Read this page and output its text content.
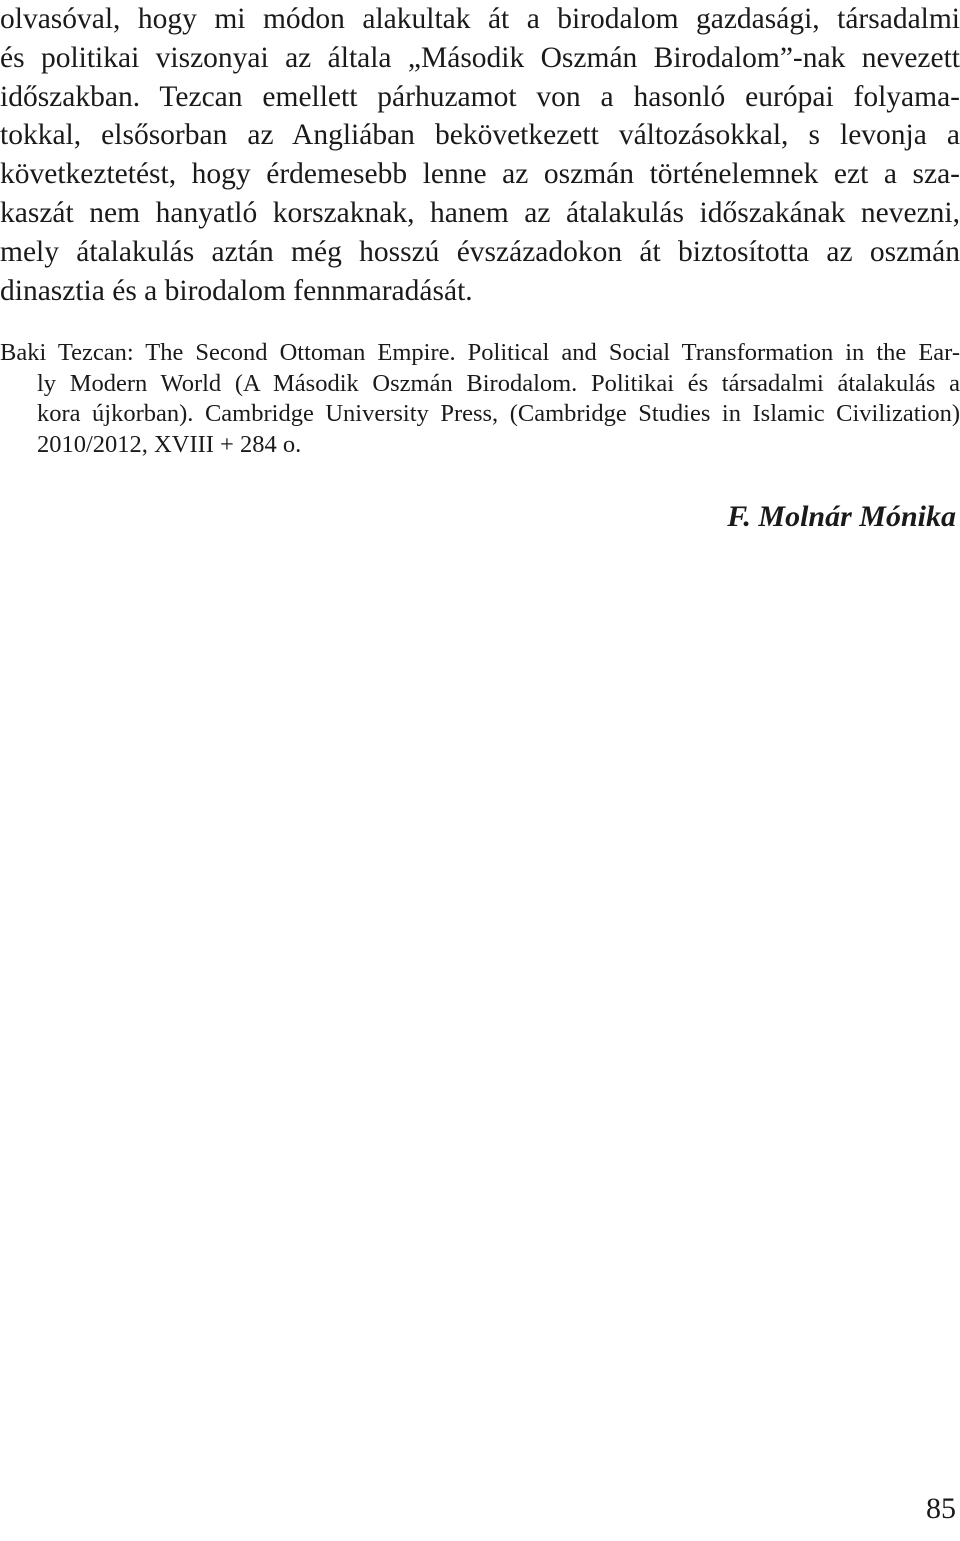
olvasóval, hogy mi módon alakultak át a birodalom gazdasági, társadalmi
és politikai viszonyai az általa „Második Oszmán Birodalom”-nak nevezett
időszakban. Tezcan emellett párhuzamot von a hasonló európai folyama-
tokkal, elsősorban az Angliában bekövetkezett változásokkal, s levonja a
következtetést, hogy érdemesebb lenne az oszmán történelemnek ezt a sza-
kaszát nem hanyatló korszaknak, hanem az átalakulás időszakának nevezni,
mely átalakulás aztán még hosszú évszázadokon át biztosította az oszmán
dinasztia és a birodalom fennmaradását.
Baki Tezcan: The Second Ottoman Empire. Political and Social Transformation in the Ear-
ly Modern World (A Második Oszmán Birodalom. Politikai és társadalmi átalakulás a
kora újkorban). Cambridge University Press, (Cambridge Studies in Islamic Civilization)
2010/2012, XVIII + 284 o.
F. Molnár Mónika
85
